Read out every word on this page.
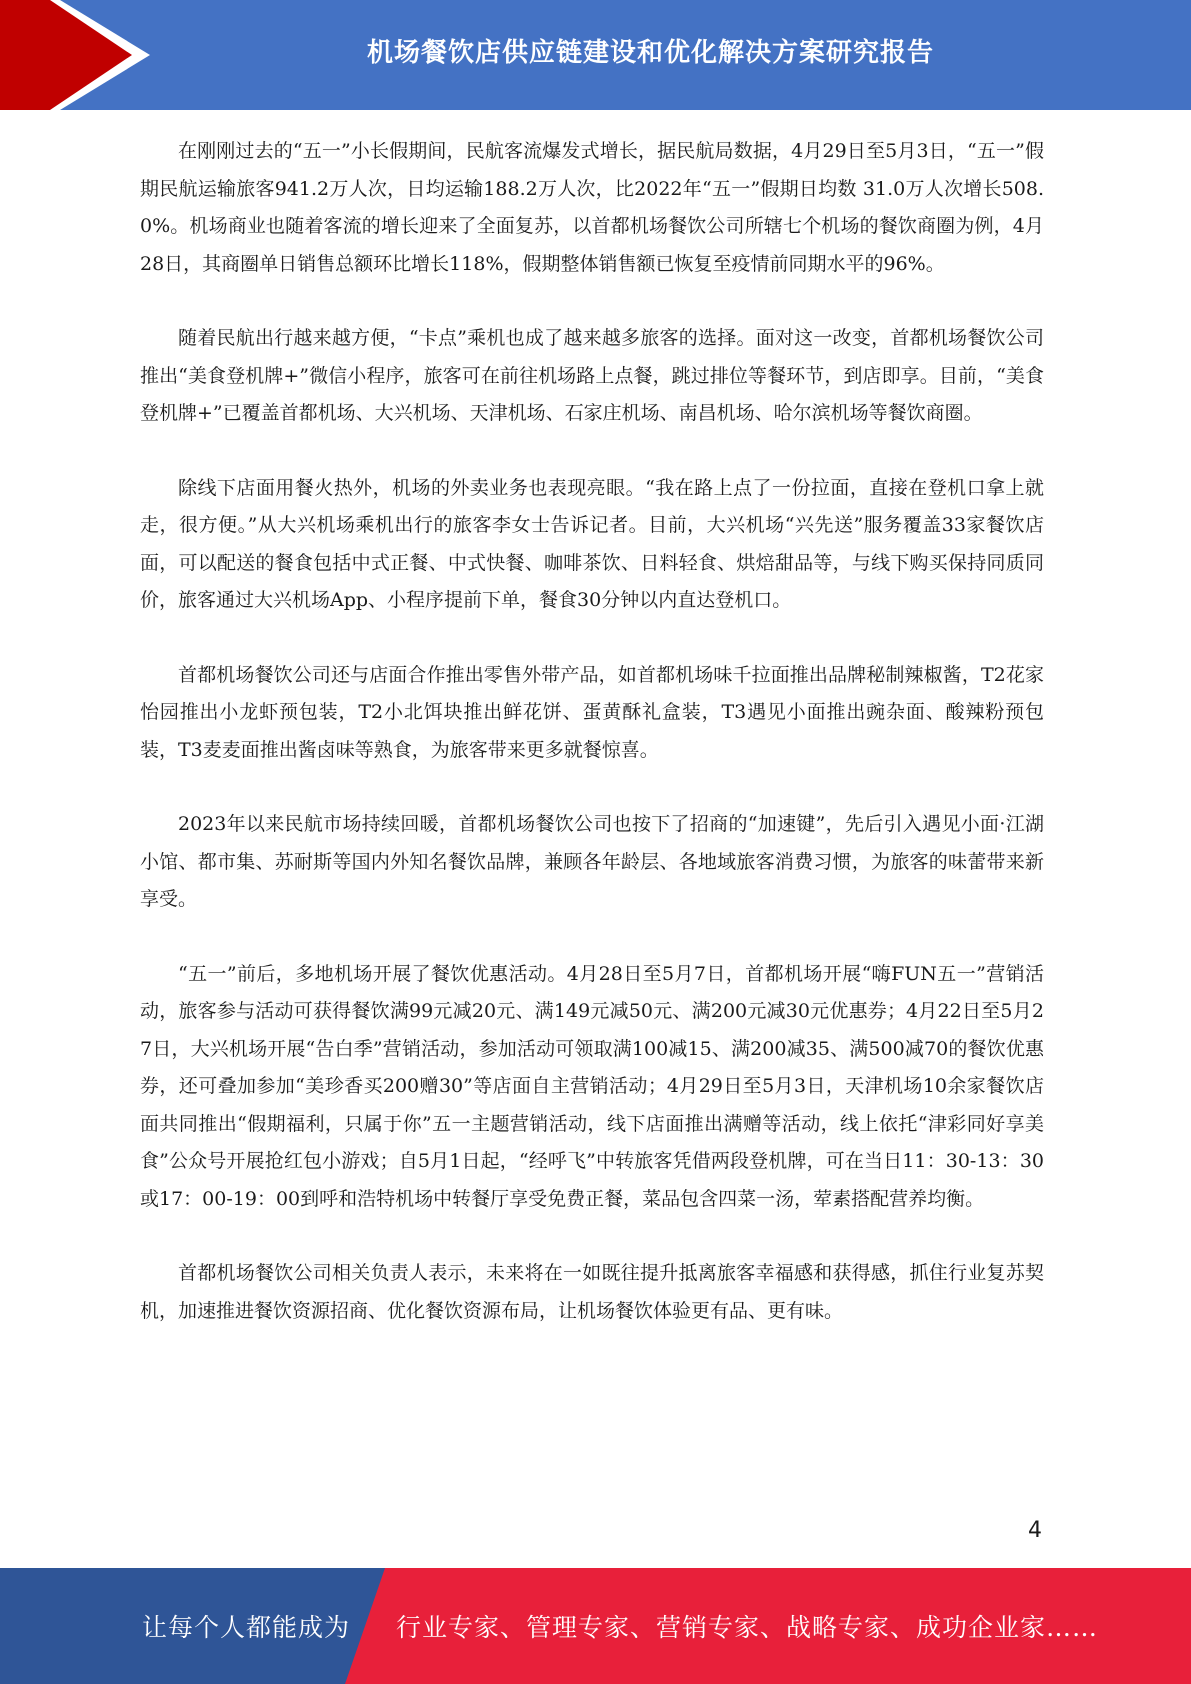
机场餐饮店供应链建设和优化解决方案研究报告

在刚刚过去的“五一”小长假期间，民航客流爆发式增长，据民航局数据，4月29日至5月3日，“五一”假期民航运输旅客941.2万人次，日均运输188.2万人次，比2022年“五一”假期日均数 31.0万人次增长508.0%。机场商业也随着客流的增长迎来了全面复苏，以首都机场餐饮公司所辖七个机场的餐饮商圈为例，4月28日，其商圈单日销售总额环比增长118%，假期整体销售额已恢复至疫情前同期水平的96%。

随着民航出行越来越方便，“卡点”乘机也成了越来越多旅客的选择。面对这一改变，首都机场餐饮公司推出“美食登机牌+”微信小程序，旅客可在前往机场路上点餐，跳过排位等餐环节，到店即享。目前，“美食登机牌+”已覆盖首都机场、大兴机场、天津机场、石家庄机场、南昌机场、哈尔滨机场等餐饮商圈。

除线下店面用餐火热外，机场的外卖业务也表现亮眼。“我在路上点了一份拉面，直接在登机口拿上就走，很方便。”从大兴机场乘机出行的旅客李女士告诉记者。目前，大兴机场“兴先送”服务覆盖33家餐饮店面，可以配送的餐食包括中式正餐、中式快餐、咖啡茶饮、日料轻食、烘焙甜品等，与线下购买保持同质同价，旅客通过大兴机场App、小程序提前下单，餐食30分钟以内直达登机口。

首都机场餐饮公司还与店面合作推出零售外带产品，如首都机场味千拉面推出品牌秘制辣椒酱，T2花家怡园推出小龙虾预包装，T2小北饵块推出鲜花饼、蛋黄酥礼盒装，T3遇见小面推出豌杂面、酸辣粉预包装，T3麦麦面推出酱卤味等熟食，为旅客带来更多就餐惊喜。

2023年以来民航市场持续回暖，首都机场餐饮公司也按下了招商的“加速键”，先后引入遇见小面·江湖小馆、都市集、苏耐斯等国内外知名餐饮品牌，兼顾各年龄层、各地域旅客消费习惯，为旅客的味蕾带来新享受。

“五一”前后，多地机场开展了餐饮优惠活动。4月28日至5月7日，首都机场开展“嗨FUN五一”营销活动，旅客参与活动可获得餐饮满99元减20元、满149元减50元、满200元减30元优惠券；4月22日至5月27日，大兴机场开展“告白季”营销活动，参加活动可领取满100减15、满200减35、满500减70的餐饮优惠券，还可叠加参加“美珍香买200赠30”等店面自主营销活动；4月29日至5月3日，天津机场10余家餐饮店面共同推出“假期福利，只属于你”五一主题营销活动，线下店面推出满赠等活动，线上依托“津彩同好享美食”公众号开展抢红包小游戏；自5月1日起，“经呼飞”中转旅客凭借两段登机牌，可在当日11：30-13：30或17：00-19：00到呼和浩特机场中转餐厅享受免费正餐，菜品包含四菜一汤，荤素搭配营养均衡。

首都机场餐饮公司相关负责人表示，未来将在一如既往提升抵离旅客幸福感和获得感，抓住行业复苏契机，加速推进餐饮资源招商、优化餐饮资源布局，让机场餐饮体验更有品、更有味。

4
让每个人都能成为 行业专家、管理专家、营销专家、战略专家、成功企业家……
